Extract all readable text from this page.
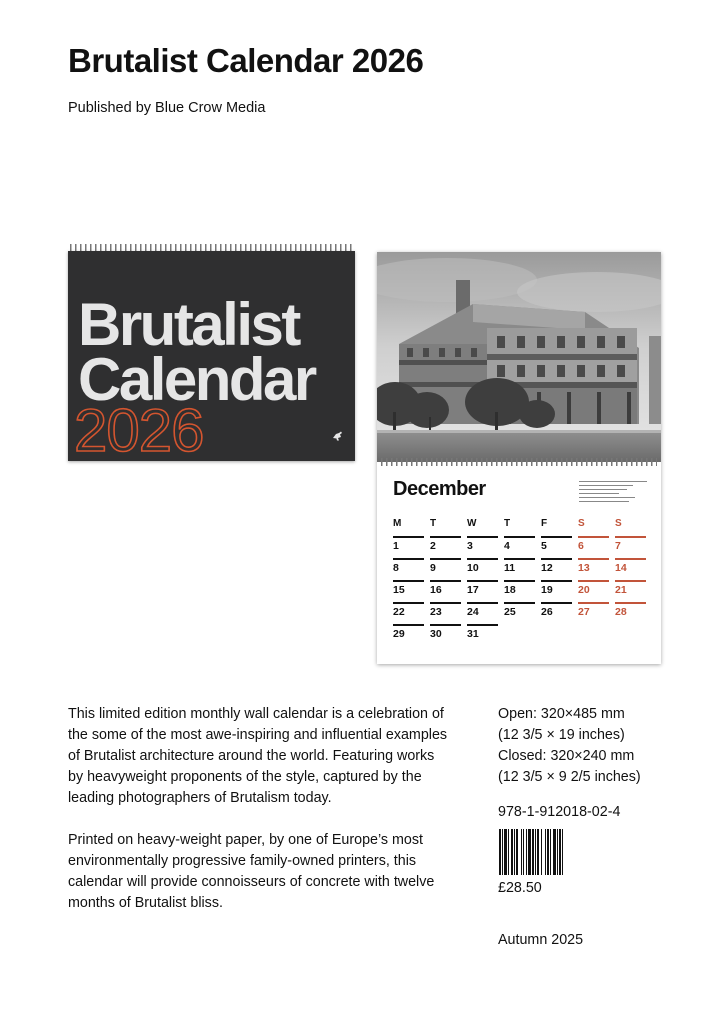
Brutalist Calendar 2026
Published by Blue Crow Media
Brutalist
Calendar
2026
December
M	T	W	T	F	S	S
1	2	3	4	5	6	7
8	9	10	11	12	13	14
15	16	17	18	19	20	21
22	23	24	25	26	27	28
29	30	31

This limited edition monthly wall calendar is a celebration of the some of the most awe-inspiring and influential examples of Brutalist architecture around the world. Featuring works by heavyweight proponents of the style, captured by the leading photographers of Brutalism today.

Printed on heavy-weight paper, by one of Europe’s most environmentally progressive family-owned printers, this calendar will provide connoisseurs of concrete with twelve months of Brutalist bliss.

Open: 320×485 mm
(12 3/5 × 19 inches)
Closed: 320×240 mm
(12 3/5 × 9 2/5 inches)
978-1-912018-02-4
£28.50
Autumn 2025
